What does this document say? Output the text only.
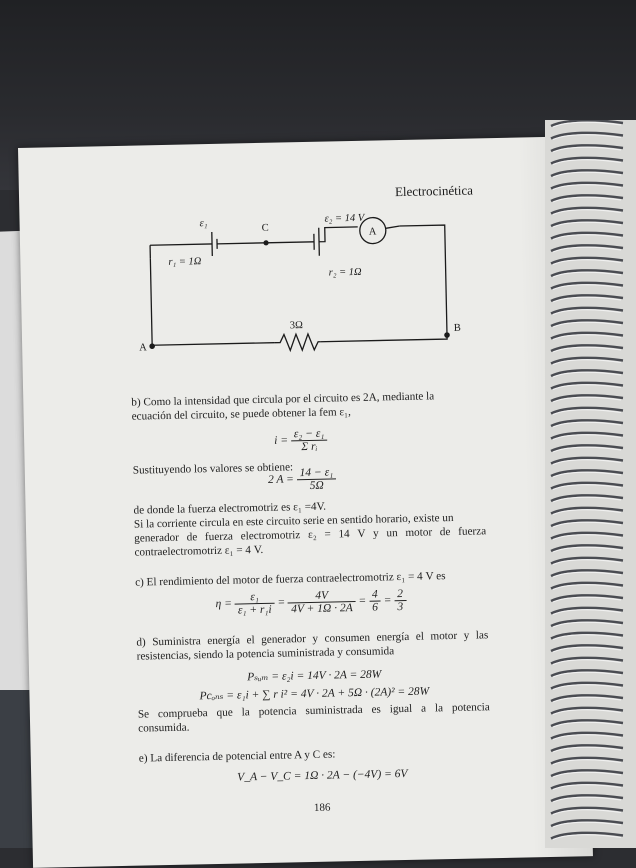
Electrocinética
ε₁	C
ε₂ = 14 V
A
r₁ = 1Ω
r₂ = 1Ω
3Ω
A
B
b) Como la intensidad que circula por el circuito es 2A, mediante la
ecuación del circuito, se puede obtener la fem ε₁,
$i = \frac{\text{ε₂ − ε₁}}{\text{Σ rᵢ}}$
Sustituyendo los valores se obtiene:
2 $A = \frac{\text{14 − ε₁}}{5\Omega}$
de donde la fuerza electromotriz es ε₁ =4V.
Si la corriente circula en este circuito serie en sentido horario, existe un
generador de fuerza electromotriz ε₂ = 14 V y un motor de fuerza
contraelectromotriz ε₁ = 4 V.
c) El rendimiento del motor de fuerza contraelectromotriz ε₁ = 4 V es
$\eta = \frac{\text{ε₁}}{\text{ε₁ + r₁i}} = \frac{4V}{4V + 1\Omega \cdot 2A} = \frac{4}{6} = \frac{2}{3}$
d) Suministra energía el generador y consumen energía el motor y las
resistencias, siendo la potencia suministrada y consumida
Pₛᵤₘ = ε₂i = 14V · 2A = 28W
Pcₒₙₛ = ε₁i + ∑ r i² = 4V · 2A + 5Ω · (2A)² = 28W
Se comprueba que la potencia suministrada es igual a la potencia
consumida.
e) La diferencia de potencial entre A y C es:
V_A − V_C = 1Ω · 2A − (−4V) = 6V
186
